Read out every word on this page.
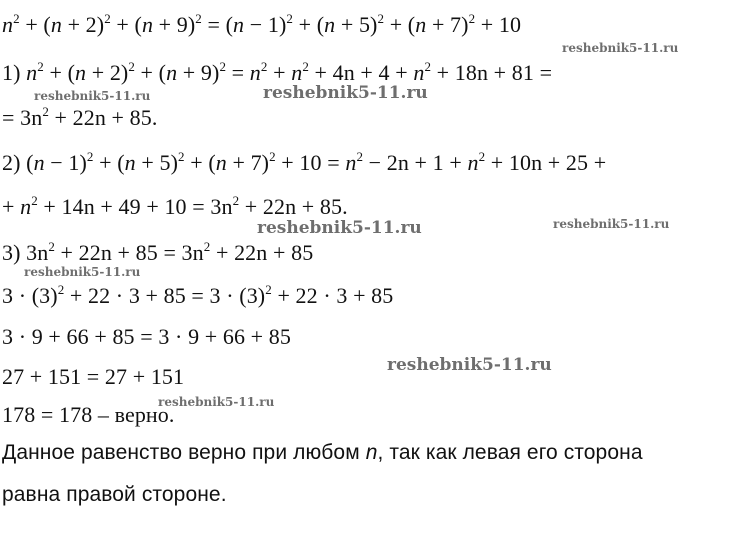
$n^2 + (n + 2)^2 + (n + 9)^2 = (n - 1)^2 + (n + 5)^2 + (n + 7)^2 + 10$
1) $n^2 + (n + 2)^2 + (n + 9)^2 = n^2 + n^2 + 4n + 4 + n^2 + 18n + 81$ =
= $3n^2 + 22n + 85$.
2) $(n - 1)^2 + (n + 5)^2 + (n + 7)^2 + 10 = n^2 - 2n + 1 + n^2 + 10n + 25$ +
+ $n^2 + 14n + 49 + 10 = 3n^2 + 22n + 85$.
3) $3n^2 + 22n + 85 = 3n^2 + 22n + 85$
$3 \cdot (3)^2 + 22 \cdot 3 + 85 = 3 \cdot (3)^2 + 22 \cdot 3 + 85$
3 · 9 + 66 + 85 = 3 · 9 + 66 + 85
27 + 151 = 27 + 151
178 = 178 – верно.
Данное равенство верно при любом n, так как левая его сторона
равна правой стороне.
reshebnik5-11.ru
reshebnik5-11.ru	reshebnik5-11.ru
reshebnik5-11.ru
reshebnik5-11.ru
reshebnik5-11.ru
reshebnik5-11.ru
reshebnik5-11.ru
